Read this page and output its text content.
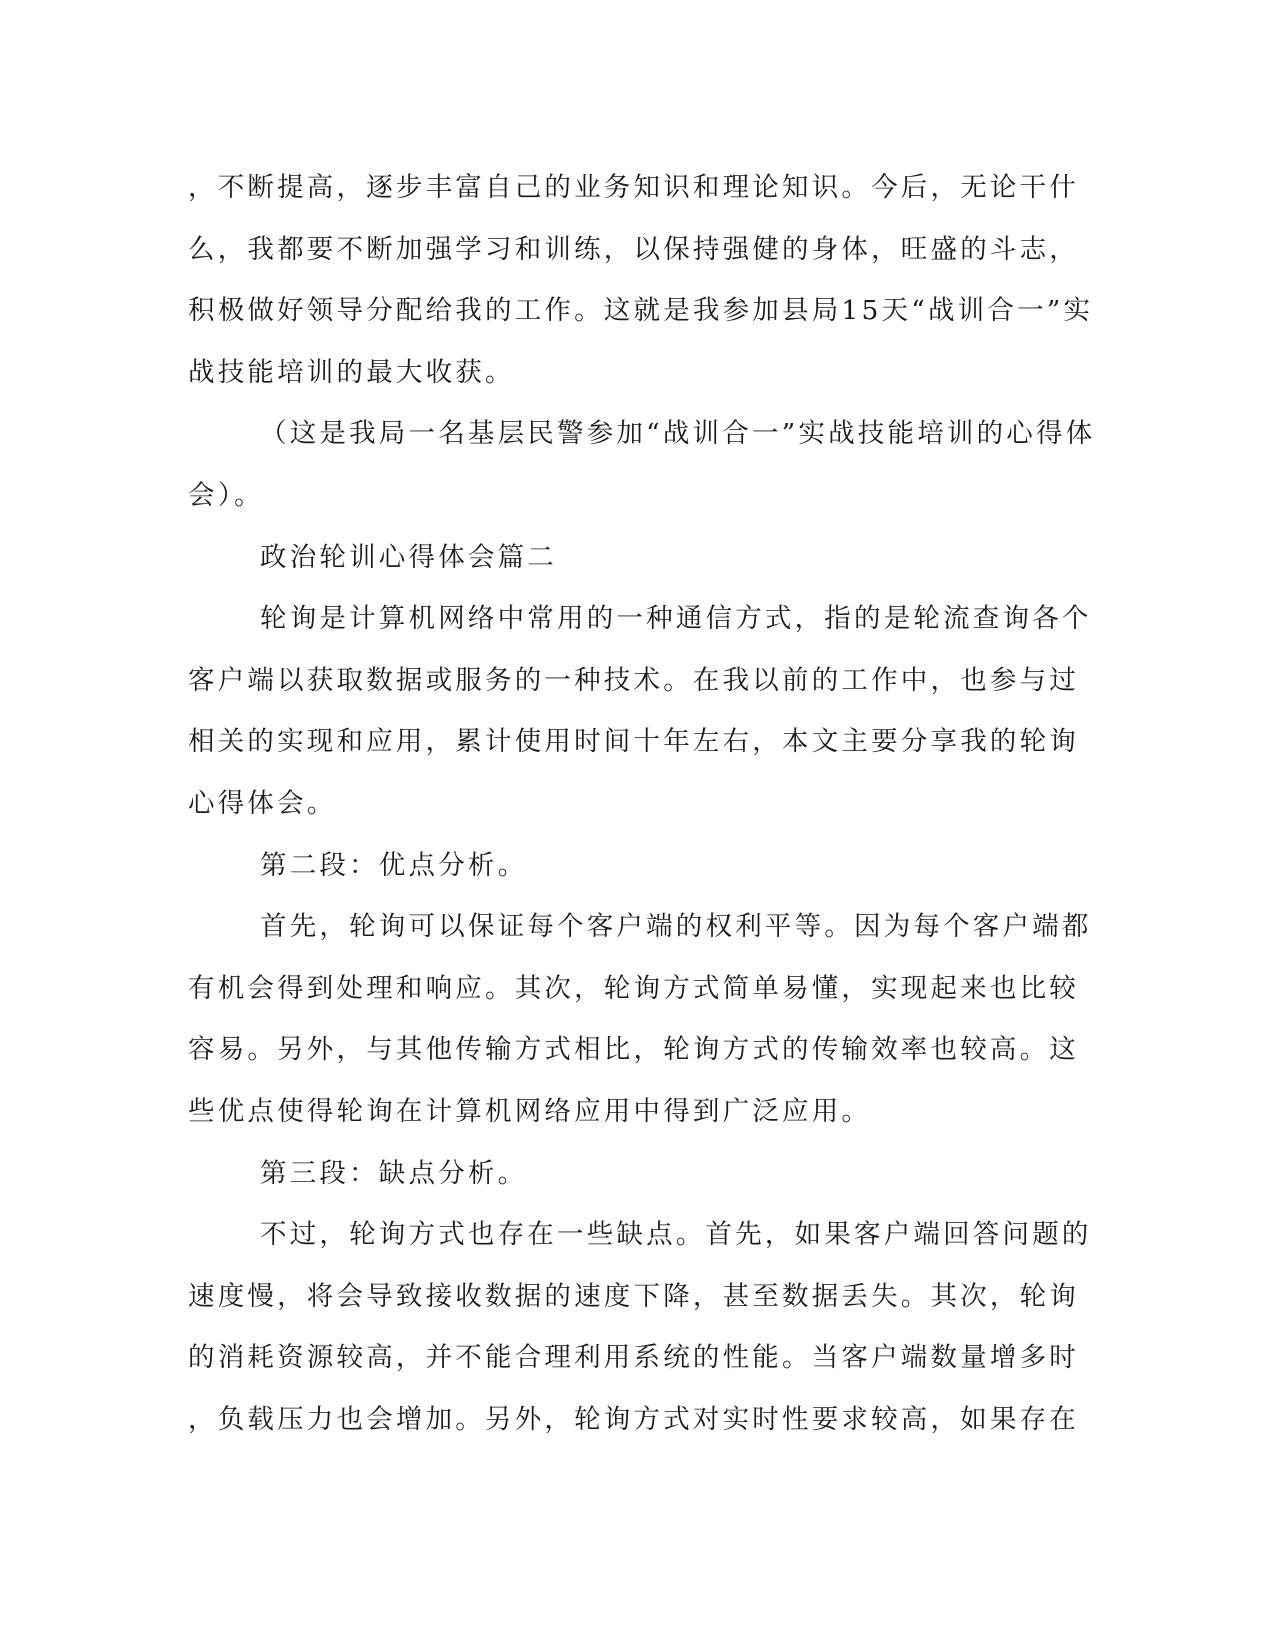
，不断提高，逐步丰富自己的业务知识和理论知识。今后，无论干什
么，我都要不断加强学习和训练，以保持强健的身体，旺盛的斗志，
积极做好领导分配给我的工作。这就是我参加县局15天“战训合一”实
战技能培训的最大收获。
（这是我局一名基层民警参加“战训合一”实战技能培训的心得体
会）。
政治轮训心得体会篇二
轮询是计算机网络中常用的一种通信方式，指的是轮流查询各个
客户端以获取数据或服务的一种技术。在我以前的工作中，也参与过
相关的实现和应用，累计使用时间十年左右，本文主要分享我的轮询
心得体会。
第二段：优点分析。
首先，轮询可以保证每个客户端的权利平等。因为每个客户端都
有机会得到处理和响应。其次，轮询方式简单易懂，实现起来也比较
容易。另外，与其他传输方式相比，轮询方式的传输效率也较高。这
些优点使得轮询在计算机网络应用中得到广泛应用。
第三段：缺点分析。
不过，轮询方式也存在一些缺点。首先，如果客户端回答问题的
速度慢，将会导致接收数据的速度下降，甚至数据丢失。其次，轮询
的消耗资源较高，并不能合理利用系统的性能。当客户端数量增多时
，负载压力也会增加。另外，轮询方式对实时性要求较高，如果存在
